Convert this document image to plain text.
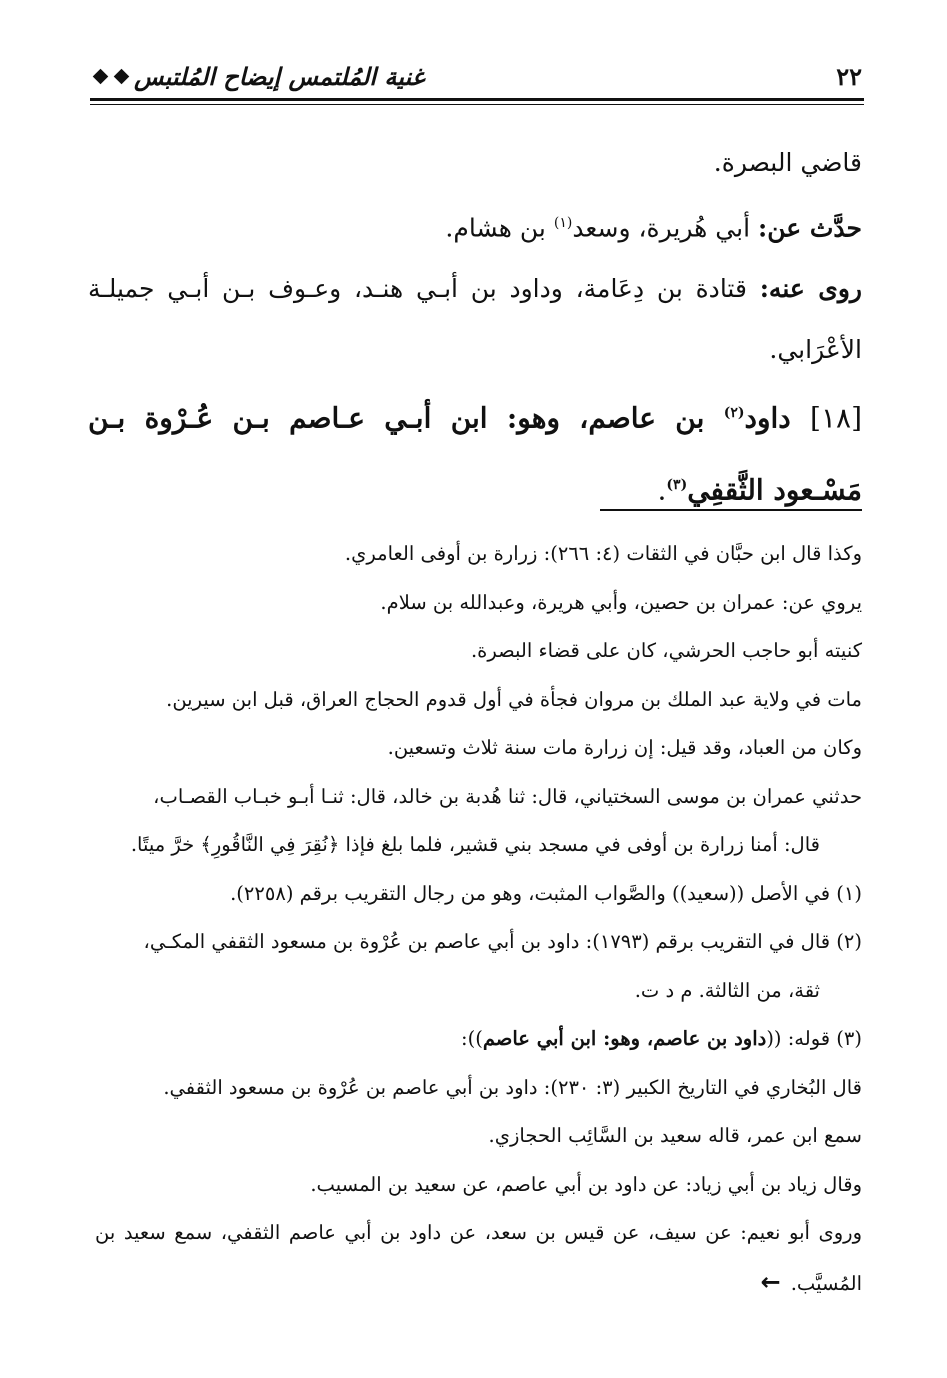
٢٢
غنية المُلتمس إيضاح المُلتبس

قاضي البصرة.

حدَّث عن: أبي هُريرة، وسعد$^{(١)}$ بن هشام.

روى عنه: قتادة بن دِعَامة، وداود بن أبـي هنـد، وعـوف بـن أبـي جميلـة الأعْرَابي.

[١٨] داود$^{(٢)}$ بن عاصم، وهو: ابن أبـي عـاصم بـن عُـرْوة بـن مَسْـعود الثَّقفِي$^{(٣)}$.

وكذا قال ابن حبَّان في الثقات (٤: ٢٦٦): زرارة بن أوفى العامري.

يروي عن: عمران بن حصين، وأبي هريرة، وعبدالله بن سلام.

كنيته أبو حاجب الحرشي، كان على قضاء البصرة.

مات في ولاية عبد الملك بن مروان فجأة في أول قدوم الحجاج العراق، قبل ابن سيرين.

وكان من العباد، وقد قيل: إن زرارة مات سنة ثلاث وتسعين.

حدثني عمران بن موسى السختياني، قال: ثنا هُدبة بن خالد، قال: ثنـا أبـو خبـاب القصـاب،

قال: أمنا زرارة بن أوفى في مسجد بني قشير، فلما بلغ فإذا ﴿نُقِرَ فِي النَّاقُورِ﴾ خرَّ ميتًا.

(١) في الأصل ((سعيد)) والصَّواب المثبت، وهو من رجال التقريب برقم (٢٢٥٨).

(٢) قال في التقريب برقم (١٧٩٣): داود بن أبي عاصم بن عُرْوة بن مسعود الثقفي المكـي،

ثقة، من الثالثة. م د ت.

(٣) قوله: ((داود بن عاصم، وهو: ابن أبي عاصم)):

قال البُخاري في التاريخ الكبير (٣: ٢٣٠): داود بن أبي عاصم بن عُرْوة بن مسعود الثقفي.

سمع ابن عمر، قاله سعيد بن السَّائِب الحجازي.

وقال زياد بن أبي زياد: عن داود بن أبي عاصم، عن سعيد بن المسيب.

وروى أبو نعيم: عن سيف، عن قيس بن سعد، عن داود بن أبي عاصم الثقفي، سمع سعيد بن المُسيَّب.←
